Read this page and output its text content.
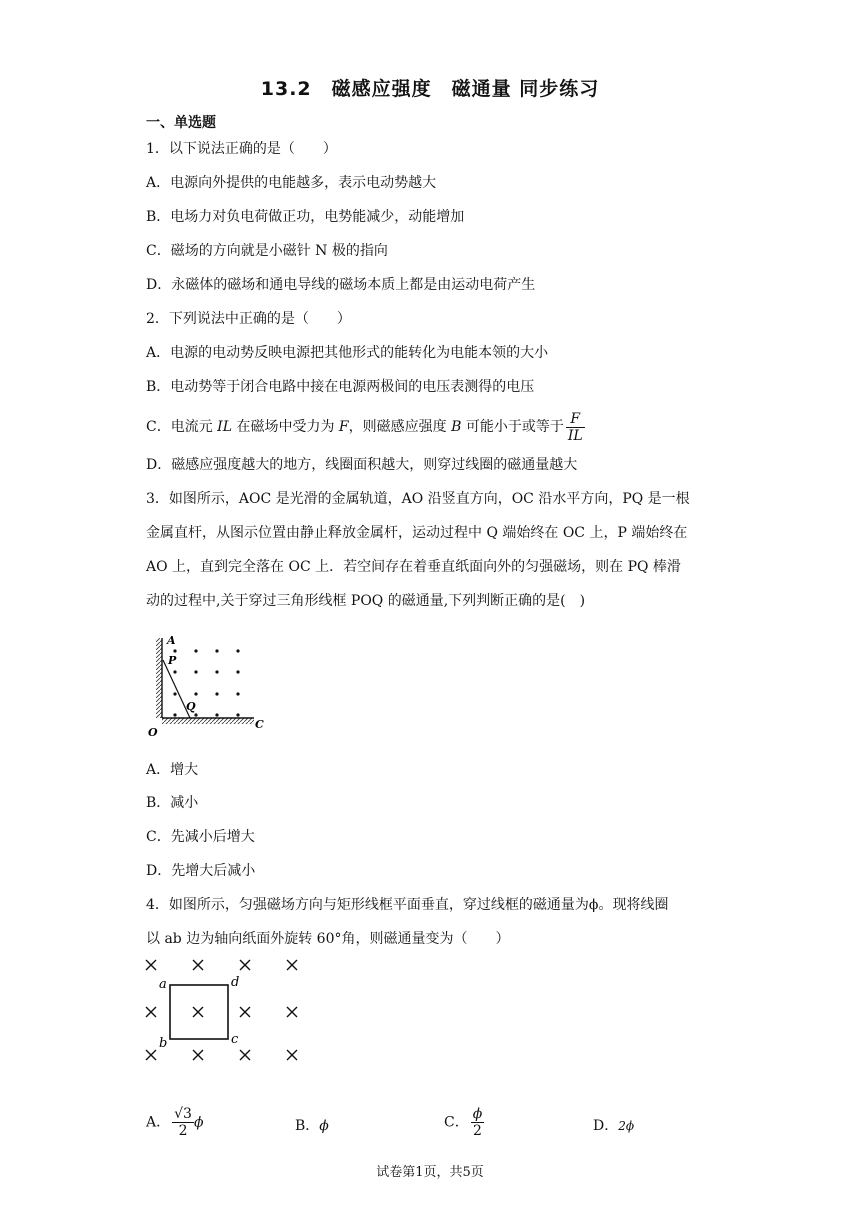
13.2　磁感应强度　磁通量 同步练习
一、单选题
1．以下说法正确的是（　　）
A．电源向外提供的电能越多，表示电动势越大
B．电场力对负电荷做正功，电势能减少，动能增加
C．磁场的方向就是小磁针 N 极的指向
D．永磁体的磁场和通电导线的磁场本质上都是由运动电荷产生
2．下列说法中正确的是（　　）
A．电源的电动势反映电源把其他形式的能转化为电能本领的大小
B．电动势等于闭合电路中接在电源两极间的电压表测得的电压
C．电流元 IL 在磁场中受力为 F，则磁感应强度 B 可能小于或等于 $\frac{F}{IL}$
D．磁感应强度越大的地方，线圈面积越大，则穿过线圈的磁通量越大
3．如图所示，AOC 是光滑的金属轨道，AO 沿竖直方向，OC 沿水平方向，PQ 是一根
金属直杆，从图示位置由静止释放金属杆，运动过程中 Q 端始终在 OC 上，P 端始终在
AO 上，直到完全落在 OC 上．若空间存在着垂直纸面向外的匀强磁场，则在 PQ 棒滑
动的过程中,关于穿过三角形线框 POQ 的磁通量,下列判断正确的是(　)
A
P
Q
O
C
A．增大
B．减小
C．先减小后增大
D．先增大后减小
4．如图所示，匀强磁场方向与矩形线框平面垂直，穿过线框的磁通量为ϕ。现将线圈
以 ab 边为轴向纸面外旋转 60°角，则磁通量变为（　　）
a	d
b	c
A． $\frac{√3}{2}$ ϕ	B．ϕ	C． $\frac{\phi}{2}$	D．2ϕ
试卷第1页，共5页
